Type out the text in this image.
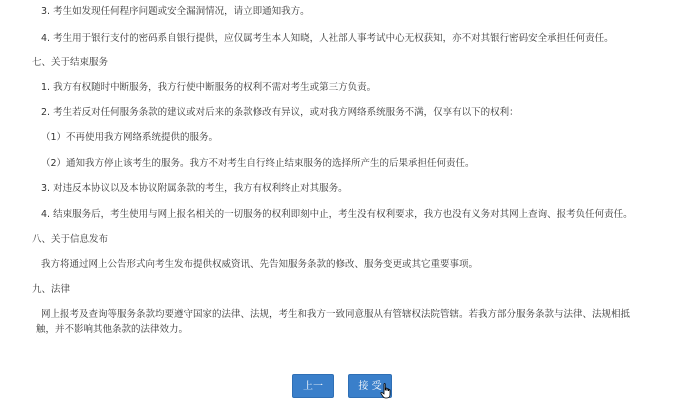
3. 考生如发现任何程序问题或安全漏洞情况，请立即通知我方。
4. 考生用于银行支付的密码系自银行提供，应仅属考生本人知晓，人社部人事考试中心无权获知，亦不对其银行密码安全承担任何责任。
七、关于结束服务
1. 我方有权随时中断服务，我方行使中断服务的权利不需对考生或第三方负责。
2. 考生若反对任何服务条款的建议或对后来的条款修改有异议，或对我方网络系统服务不满，仅享有以下的权利：
（1）不再使用我方网络系统提供的服务。
（2）通知我方停止该考生的服务。我方不对考生自行终止结束服务的选择所产生的后果承担任何责任。
3. 对违反本协议以及本协议附属条款的考生，我方有权利终止对其服务。
4. 结束服务后，考生使用与网上报名相关的一切服务的权利即刻中止，考生没有权利要求，我方也没有义务对其网上查询、报考负任何责任。
八、关于信息发布
我方将通过网上公告形式向考生发布提供权威资讯、先告知服务条款的修改、服务变更或其它重要事项。
九、法律
网上报考及查询等服务条款均要遵守国家的法律、法规，考生和我方一致同意服从有管辖权法院管辖。若我方部分服务条款与法律、法规相抵
触，并不影响其他条款的法律效力。
上一步
接 受
